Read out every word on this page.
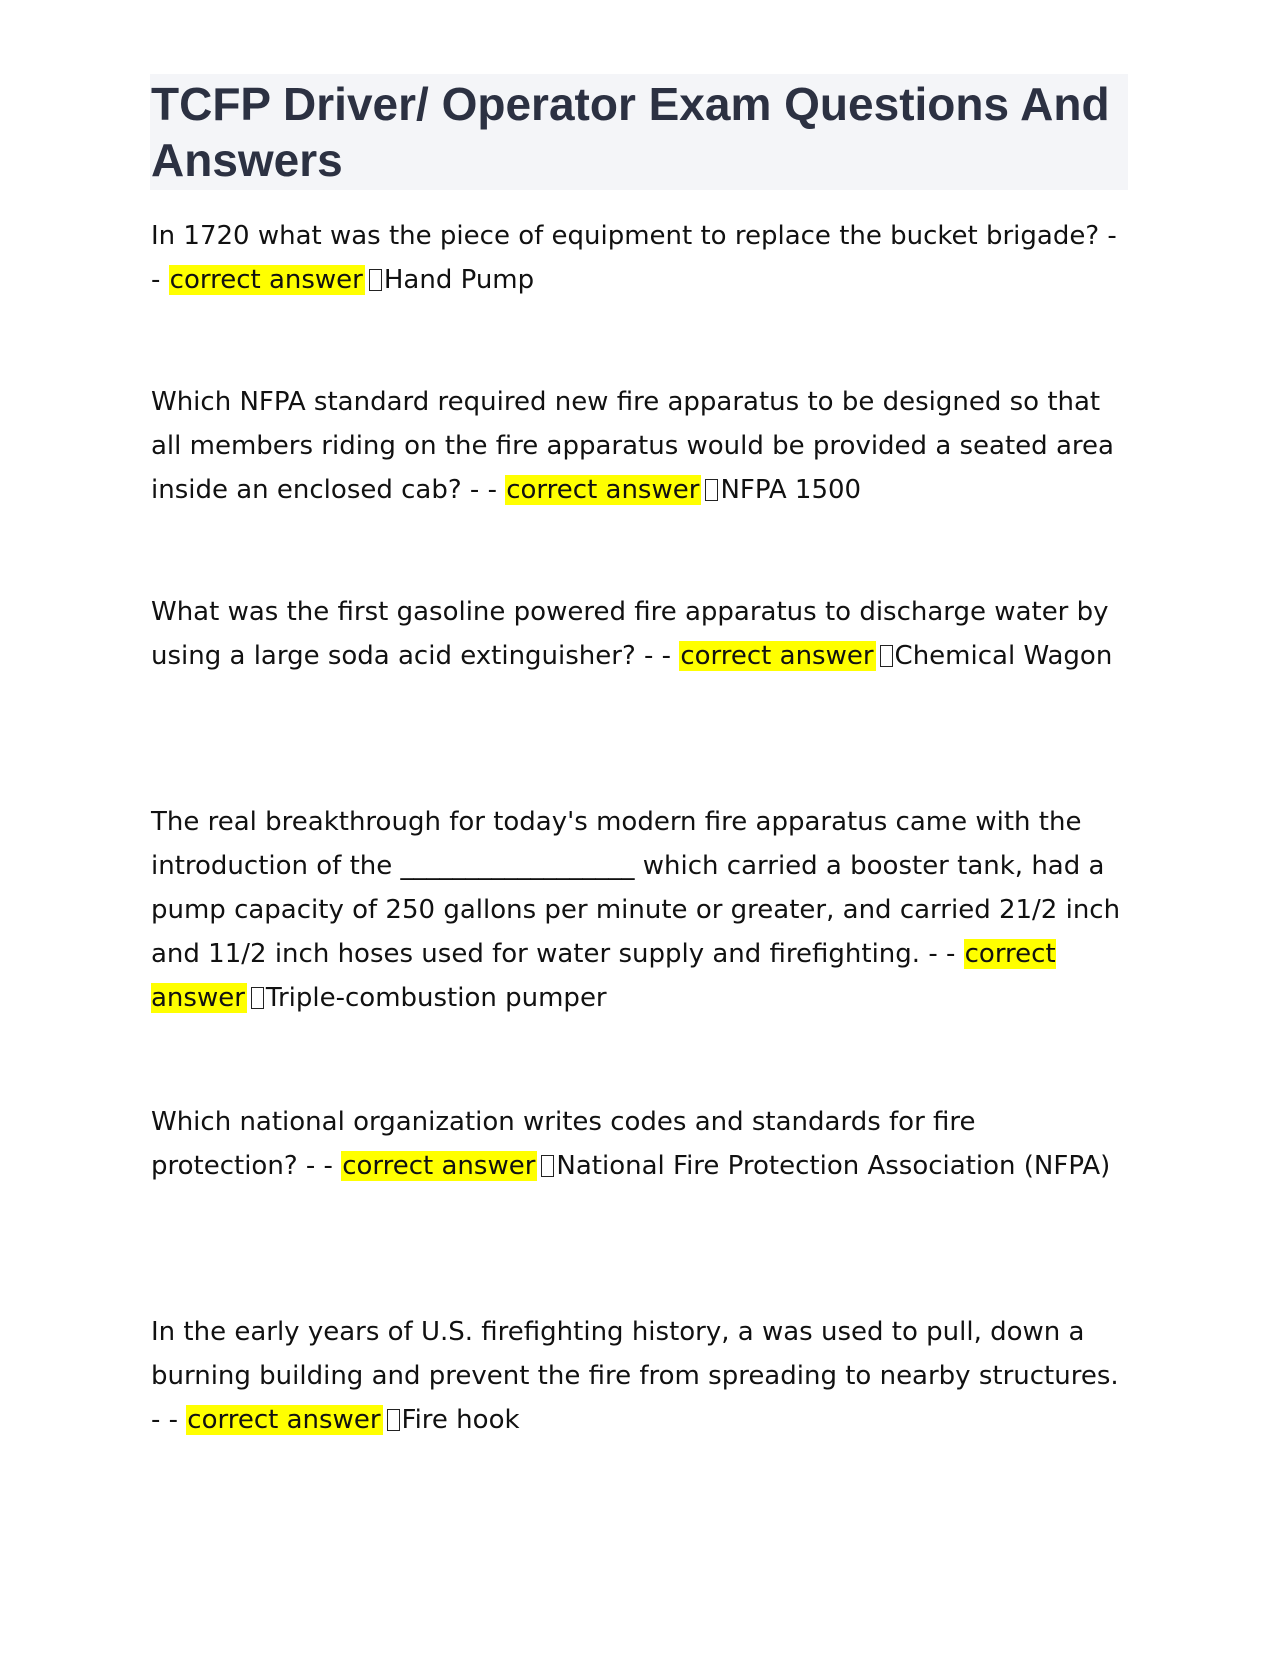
TCFP Driver/ Operator Exam Questions And Answers

In 1720 what was the piece of equipment to replace the bucket brigade? - - correct answer Hand Pump

Which NFPA standard required new fire apparatus to be designed so that all members riding on the fire apparatus would be provided a seated area inside an enclosed cab? - - correct answer NFPA 1500

What was the first gasoline powered fire apparatus to discharge water by using a large soda acid extinguisher? - - correct answer Chemical Wagon

The real breakthrough for today's modern fire apparatus came with the introduction of the __________________ which carried a booster tank, had a pump capacity of 250 gallons per minute or greater, and carried 21/2 inch and 11/2 inch hoses used for water supply and firefighting. - - correct answer Triple-combustion pumper

Which national organization writes codes and standards for fire protection? - - correct answer National Fire Protection Association (NFPA)

In the early years of U.S. firefighting history, a was used to pull, down a burning building and prevent the fire from spreading to nearby structures. - - correct answer Fire hook
